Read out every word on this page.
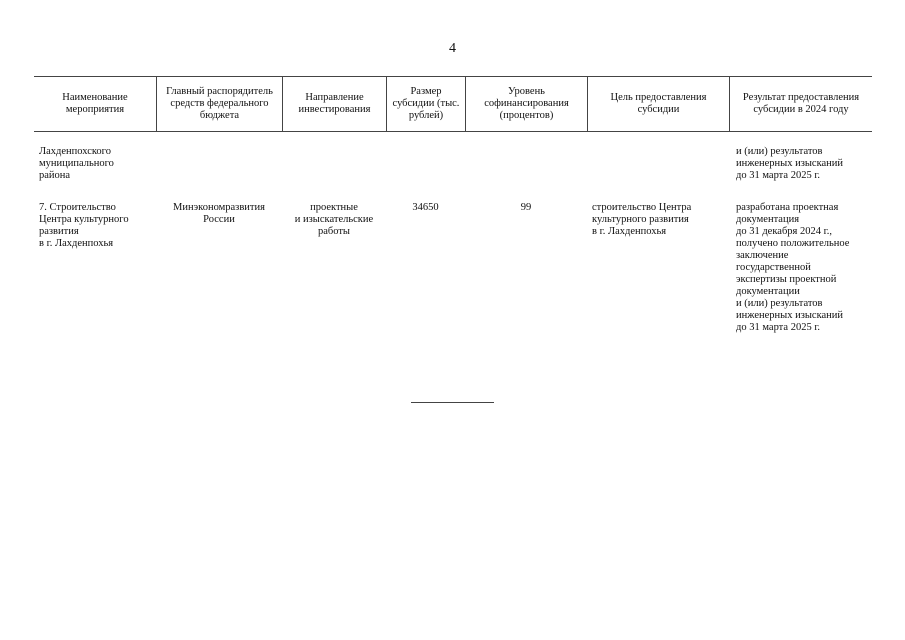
4
Наименование мероприятия
Главный распорядитель средств федерального бюджета
Направление инвестирования
Размер субсидии (тыс. рублей)
Уровень софинансирования (процентов)
Цель предоставления субсидии
Результат предоставления субсидии в 2024 году
Лахденпохского
муниципального
района
и (или) результатов
инженерных изысканий
до 31 марта 2025 г.
7. Строительство
Центра культурного
развития
в г. Лахденпохья
Минэкономразвития
России
проектные
и изыскательские
работы
34650	99	строительство Центра
культурного развития
в г. Лахденпохья
разработана проектная
документация
до 31 декабря 2024 г.,
получено положительное
заключение
государственной
экспертизы проектной
документации
и (или) результатов
инженерных изысканий
до 31 марта 2025 г.
